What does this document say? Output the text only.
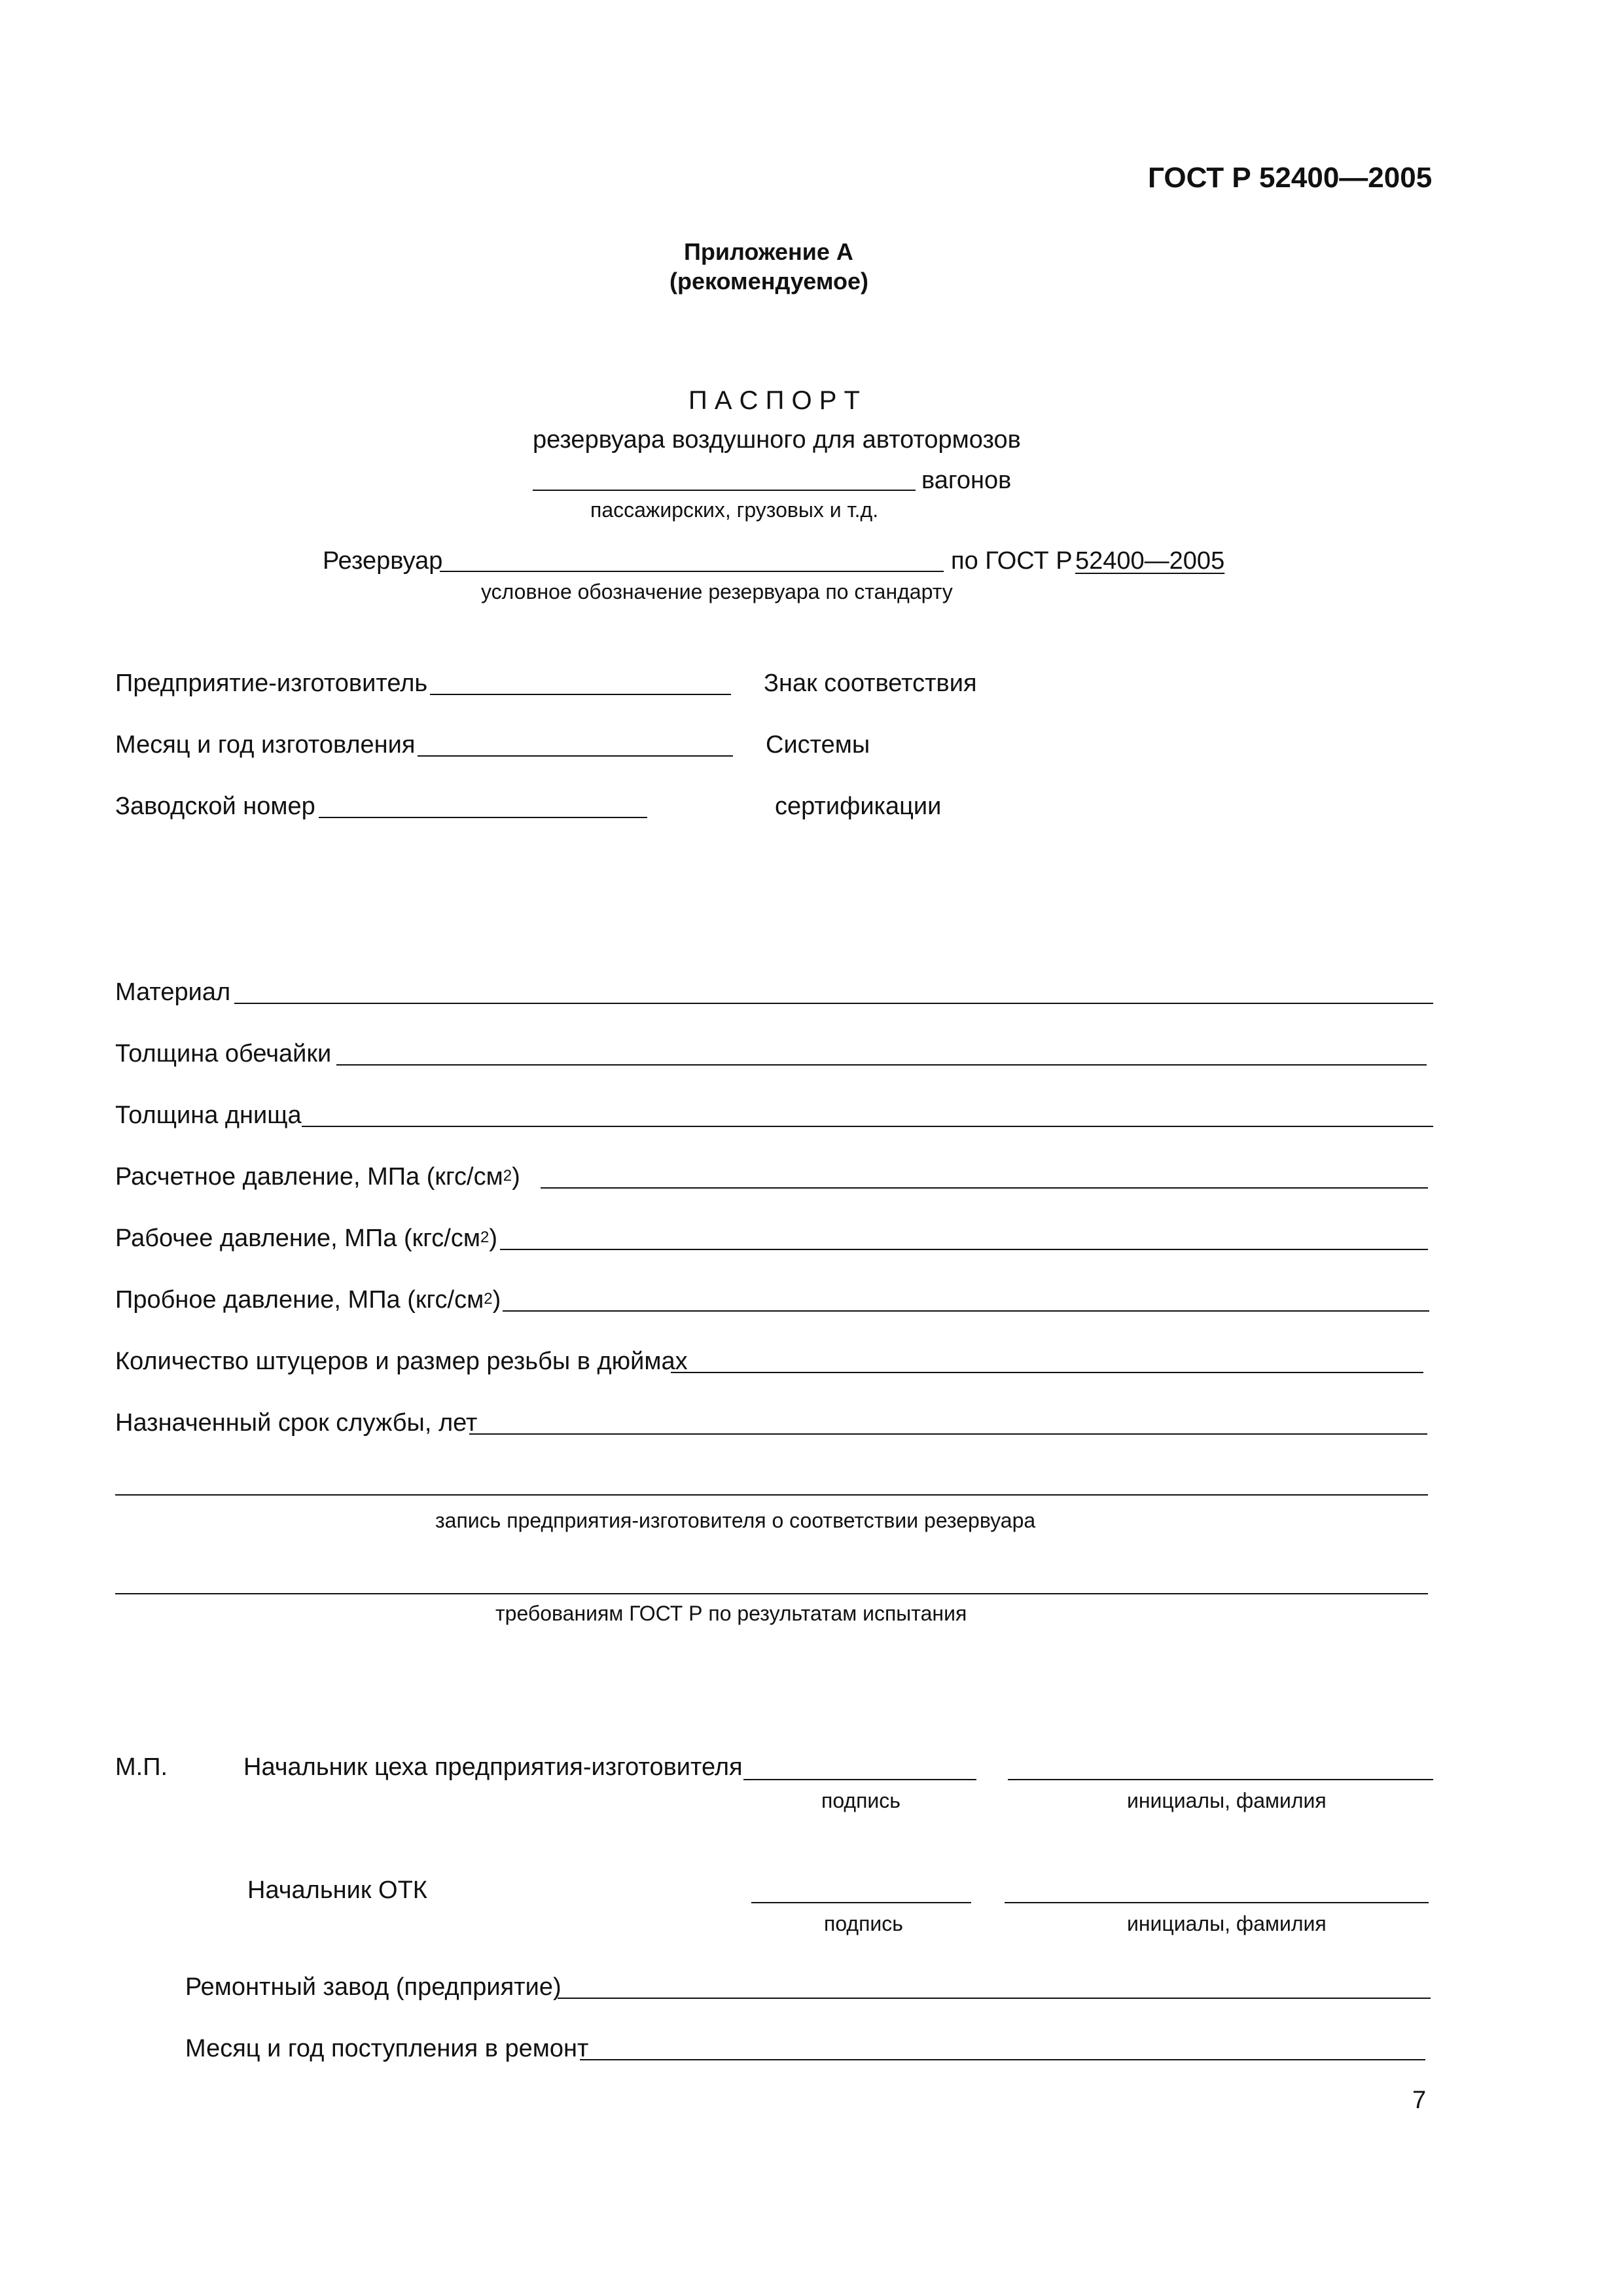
ГОСТ Р 52400—2005
Приложение А
(рекомендуемое)
П А С П О Р Т
резервуара воздушного для автотормозов
вагонов
пассажирских, грузовых и т.д.
Резервуар	по ГОСТ Р 52400—2005
условное обозначение резервуара по стандарту
Предприятие-изготовитель
Месяц и год изготовления
Заводской номер
Знак соответствия
Системы
сертификации
Материал
Толщина обечайки
Толщина днища
Расчетное давление, МПа $(кгс/см^2)$
Рабочее давление, МПа $(кгс/см^2)$
Пробное давление, МПа $(кгс/см^2)$
Количество штуцеров и размер резьбы в дюймах
Назначенный срок службы, лет
запись предприятия-изготовителя о соответствии резервуара
требованиям ГОСТ Р по результатам испытания
М.П.	Начальник цеха предприятия-изготовителя
подпись	инициалы, фамилия
Начальник ОТК
подпись	инициалы, фамилия
Ремонтный завод (предприятие)
Месяц и год поступления в ремонт
7
